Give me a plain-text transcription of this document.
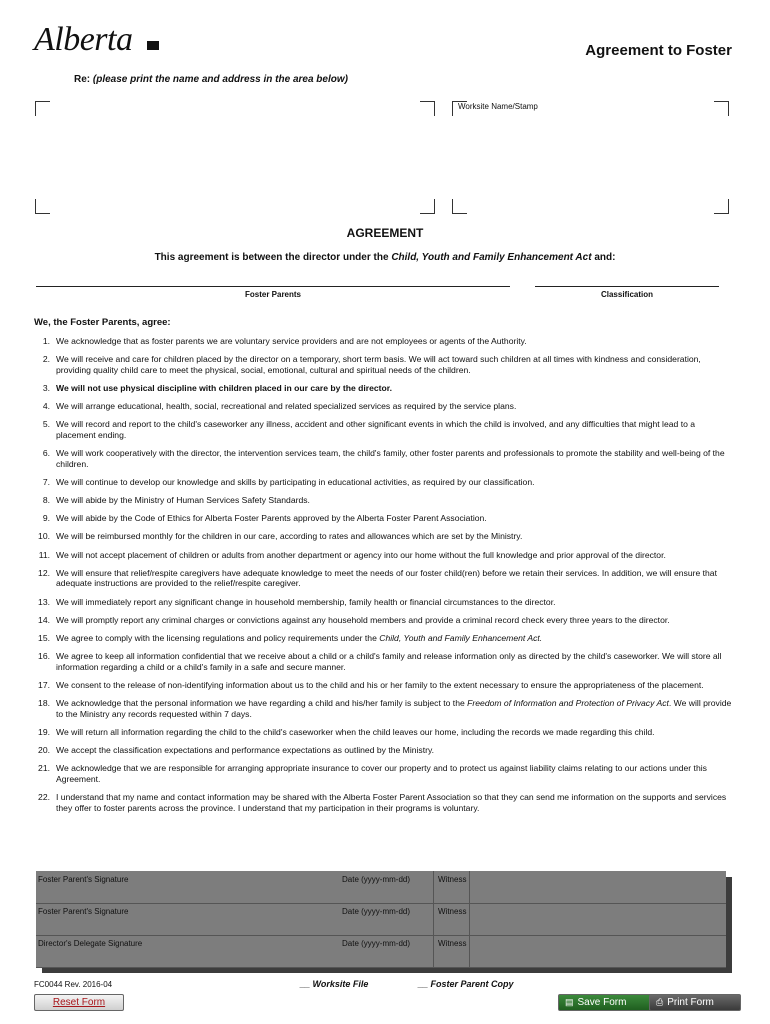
Alberta	Agreement to Foster
Re: (please print the name and address in the area below)
Worksite Name/Stamp
AGREEMENT
This agreement is between the director under the Child, Youth and Family Enhancement Act and:
Foster Parents	Classification
We, the Foster Parents, agree:
1. We acknowledge that as foster parents we are voluntary service providers and are not employees or agents of the Authority.
2. We will receive and care for children placed by the director on a temporary, short term basis. We will act toward such children at all times with kindness and consideration, providing quality child care to meet the physical, social, emotional, cultural and spiritual needs of the children.
3. We will not use physical discipline with children placed in our care by the director.
4. We will arrange educational, health, social, recreational and related specialized services as required by the service plans.
5. We will record and report to the child's caseworker any illness, accident and other significant events in which the child is involved, and any difficulties that might lead to a placement ending.
6. We will work cooperatively with the director, the intervention services team, the child's family, other foster parents and professionals to promote the stability and well-being of the children.
7. We will continue to develop our knowledge and skills by participating in educational activities, as required by our classification.
8. We will abide by the Ministry of Human Services Safety Standards.
9. We will abide by the Code of Ethics for Alberta Foster Parents approved by the Alberta Foster Parent Association.
10. We will be reimbursed monthly for the children in our care, according to rates and allowances which are set by the Ministry.
11. We will not accept placement of children or adults from another department or agency into our home without the full knowledge and prior approval of the director.
12. We will ensure that relief/respite caregivers have adequate knowledge to meet the needs of our foster child(ren) before we retain their services. In addition, we will ensure that adequate instructions are provided to the relief/respite caregiver.
13. We will immediately report any significant change in household membership, family health or financial circumstances to the director.
14. We will promptly report any criminal charges or convictions against any household members and provide a criminal record check every three years to the director.
15. We agree to comply with the licensing regulations and policy requirements under the Child, Youth and Family Enhancement Act.
16. We agree to keep all information confidential that we receive about a child or a child's family and release information only as directed by the child's caseworker. We will store all information regarding a child or a child's family in a safe and secure manner.
17. We consent to the release of non-identifying information about us to the child and his or her family to the extent necessary to ensure the appropriateness of the placement.
18. We acknowledge that the personal information we have regarding a child and his/her family is subject to the Freedom of Information and Protection of Privacy Act. We will provide to the Ministry any records requested within 7 days.
19. We will return all information regarding the child to the child's caseworker when the child leaves our home, including the records we made regarding this child.
20. We accept the classification expectations and performance expectations as outlined by the Ministry.
21. We acknowledge that we are responsible for arranging appropriate insurance to cover our property and to protect us against liability claims relating to our actions under this Agreement.
22. I understand that my name and contact information may be shared with the Alberta Foster Parent Association so that they can send me information on the supports and services they offer to foster parents across the province. I understand that my participation in their programs is voluntary.
Foster Parent's Signature	Date (yyyy-mm-dd)	Witness
Foster Parent's Signature	Date (yyyy-mm-dd)	Witness
Director's Delegate Signature	Date (yyyy-mm-dd)	Witness
FC0044 Rev. 2016-04	__ Worksite File	__ Foster Parent Copy
Reset Form	▤ Save Form	⎙ Print Form
